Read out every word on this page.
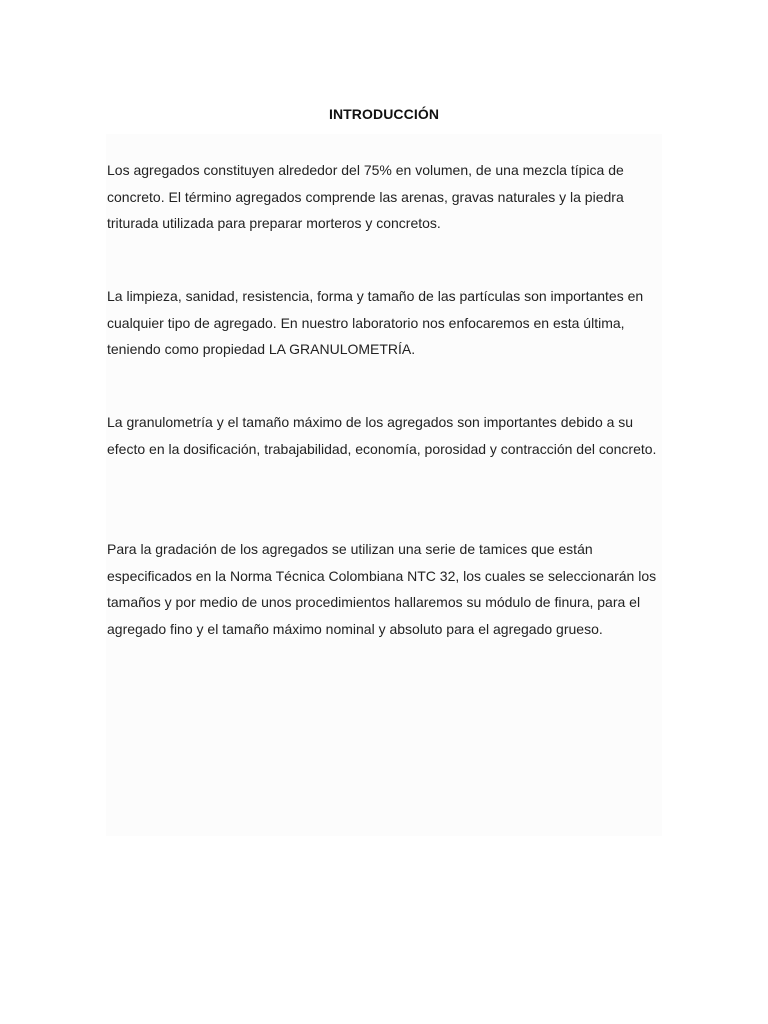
INTRODUCCIÓN

Los agregados constituyen alrededor del 75% en volumen, de una mezcla típica de concreto. El término agregados comprende las arenas, gravas naturales y la piedra triturada utilizada para preparar morteros y concretos.

La limpieza, sanidad, resistencia, forma y tamaño de las partículas son importantes en cualquier tipo de agregado. En nuestro laboratorio nos enfocaremos en esta última, teniendo como propiedad LA GRANULOMETRÍA.

La granulometría y el tamaño máximo de los agregados son importantes debido a su efecto en la dosificación, trabajabilidad, economía, porosidad y contracción del concreto.

Para la gradación de los agregados se utilizan una serie de tamices que están especificados en la Norma Técnica Colombiana NTC 32, los cuales se seleccionarán los tamaños y por medio de unos procedimientos hallaremos su módulo de finura, para el agregado fino y el tamaño máximo nominal y absoluto para el agregado grueso.
